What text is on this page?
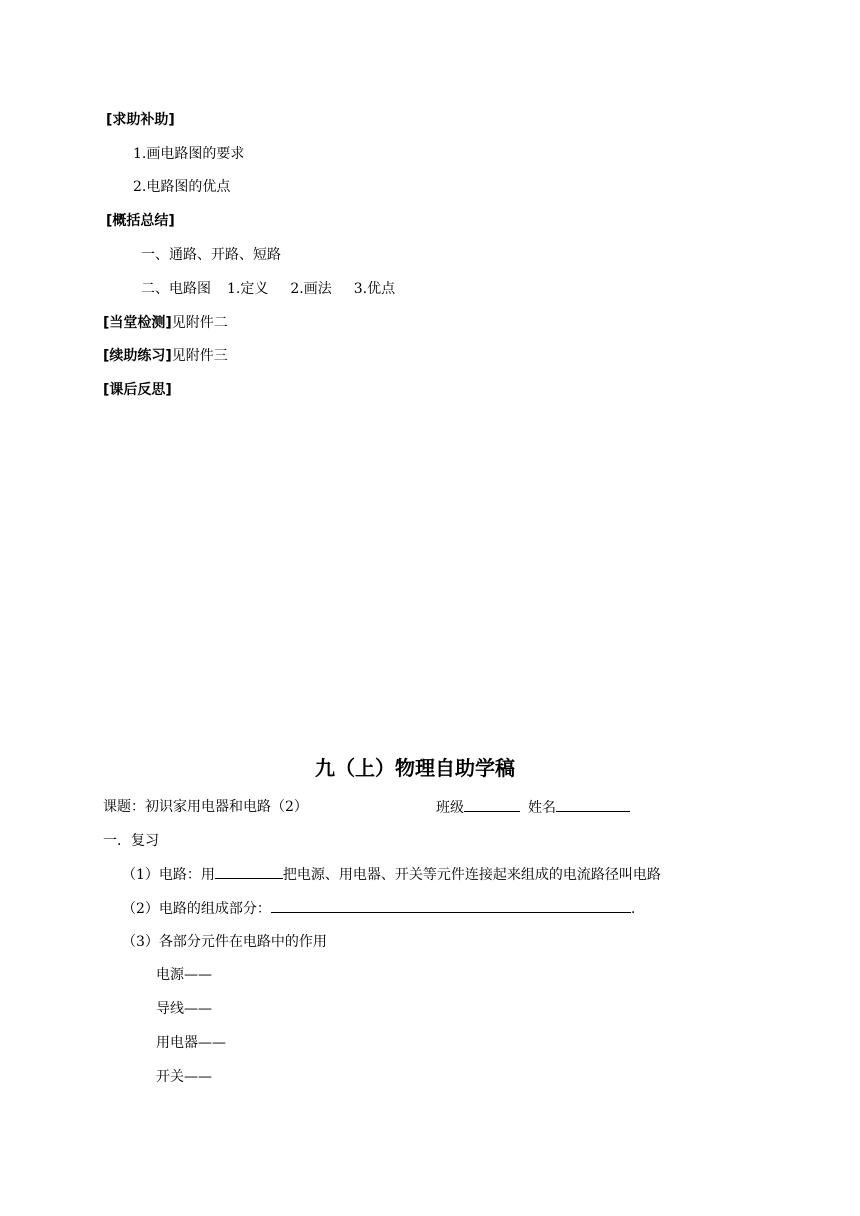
[求助补助]
1.画电路图的要求
2.电路图的优点
[概括总结]
一、通路、开路、短路
二、电路图 1.定义 2.画法 3.优点
[当堂检测]见附件二
[续助练习]见附件三
[课后反思]
九（上）物理自助学稿
课题：初识家用电器和电路（2）	班级	姓名
一．复习
（1）电路：用	把电源、用电器、开关等元件连接起来组成的电流路径叫电路
（2）电路的组成部分：	.
（3）各部分元件在电路中的作用
电源——
导线——
用电器——
开关——
